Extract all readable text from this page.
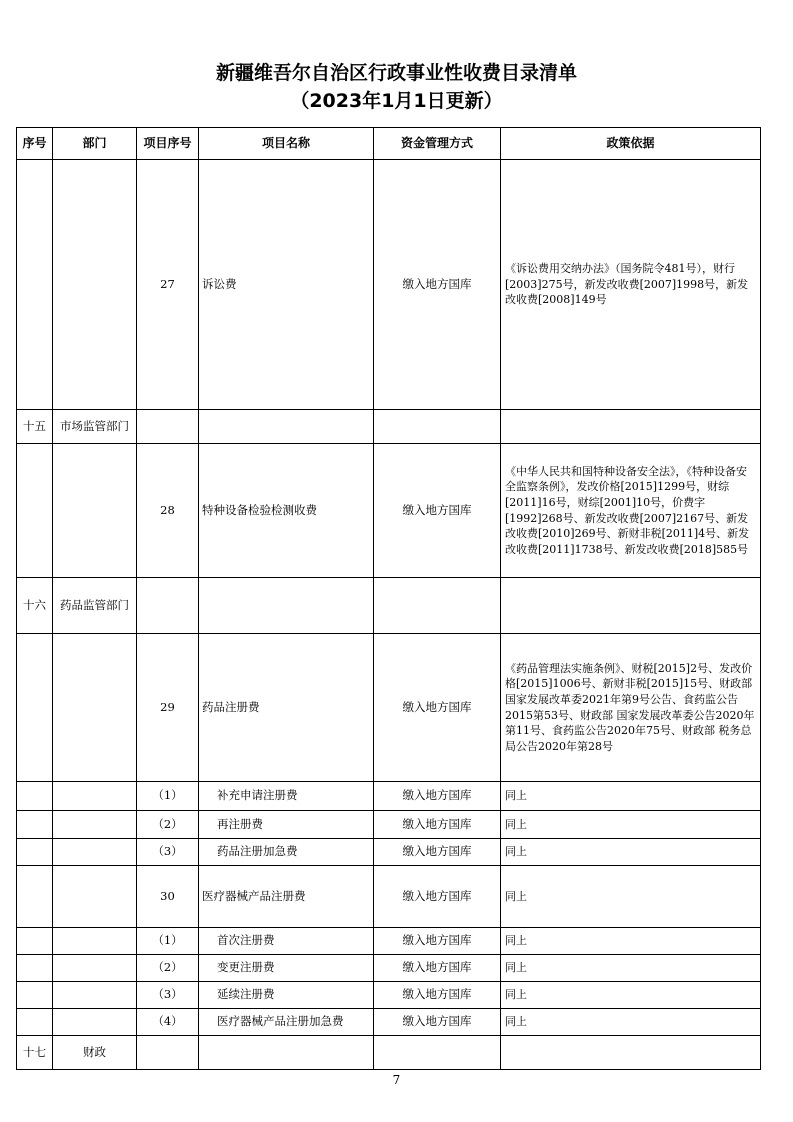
新疆维吾尔自治区行政事业性收费目录清单
（2023年1月1日更新）
序号	部门	项目序号	项目名称	资金管理方式	政策依据
		27	诉讼费	缴入地方国库	《诉讼费用交纳办法》（国务院令481号），财行[2003]275号，新发改收费[2007]1998号，新发改收费[2008]149号
十五	市场监管部门				
		28	特种设备检验检测收费	缴入地方国库	《中华人民共和国特种设备安全法》，《特种设备安全监察条例》，发改价格[2015]1299号，财综[2011]16号，财综[2001]10号，价费字[1992]268号、新发改收费[2007]2167号、新发改收费[2010]269号、新财非税[2011]4号、新发改收费[2011]1738号、新发改收费[2018]585号
十六	药品监管部门				
		29	药品注册费	缴入地方国库	《药品管理法实施条例》、财税[2015]2号、发改价格[2015]1006号、新财非税[2015]15号、财政部 国家发展改革委2021年第9号公告、食药监公告2015第53号、财政部 国家发展改革委公告2020年第11号、食药监公告2020年75号、财政部 税务总局公告2020年第28号
		（1）	补充申请注册费	缴入地方国库	同上
		（2）	再注册费	缴入地方国库	同上
		（3）	药品注册加急费	缴入地方国库	同上
		30	医疗器械产品注册费	缴入地方国库	同上
		（1）	首次注册费	缴入地方国库	同上
		（2）	变更注册费	缴入地方国库	同上
		（3）	延续注册费	缴入地方国库	同上
		（4）	医疗器械产品注册加急费	缴入地方国库	同上
十七	财政				
7
